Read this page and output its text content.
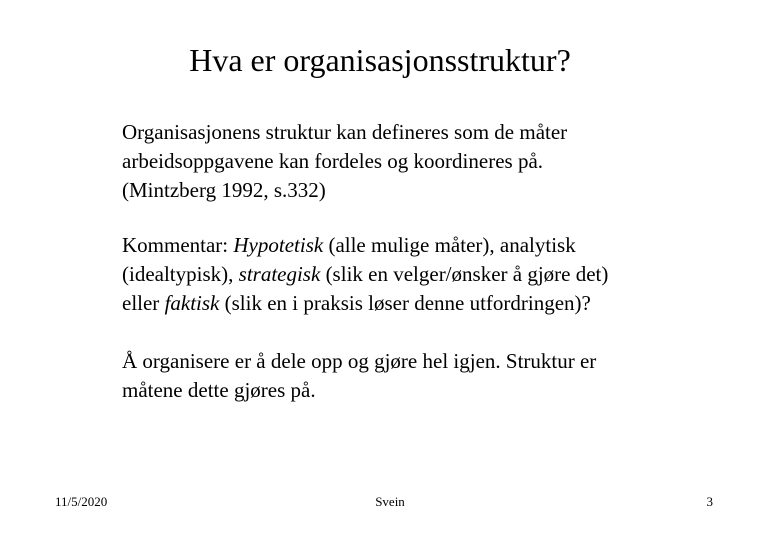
Hva er organisasjonsstruktur?
Organisasjonens struktur kan defineres som de måter
arbeidsoppgavene kan fordeles og koordineres på.
(Mintzberg 1992, s.332)
Kommentar: Hypotetisk (alle mulige måter), analytisk
(idealtypisk), strategisk (slik en velger/ønsker å gjøre det)
eller faktisk (slik en i praksis løser denne utfordringen)?
Å organisere er å dele opp og gjøre hel igjen. Struktur er
måtene dette gjøres på.
11/5/2020	Svein	3
